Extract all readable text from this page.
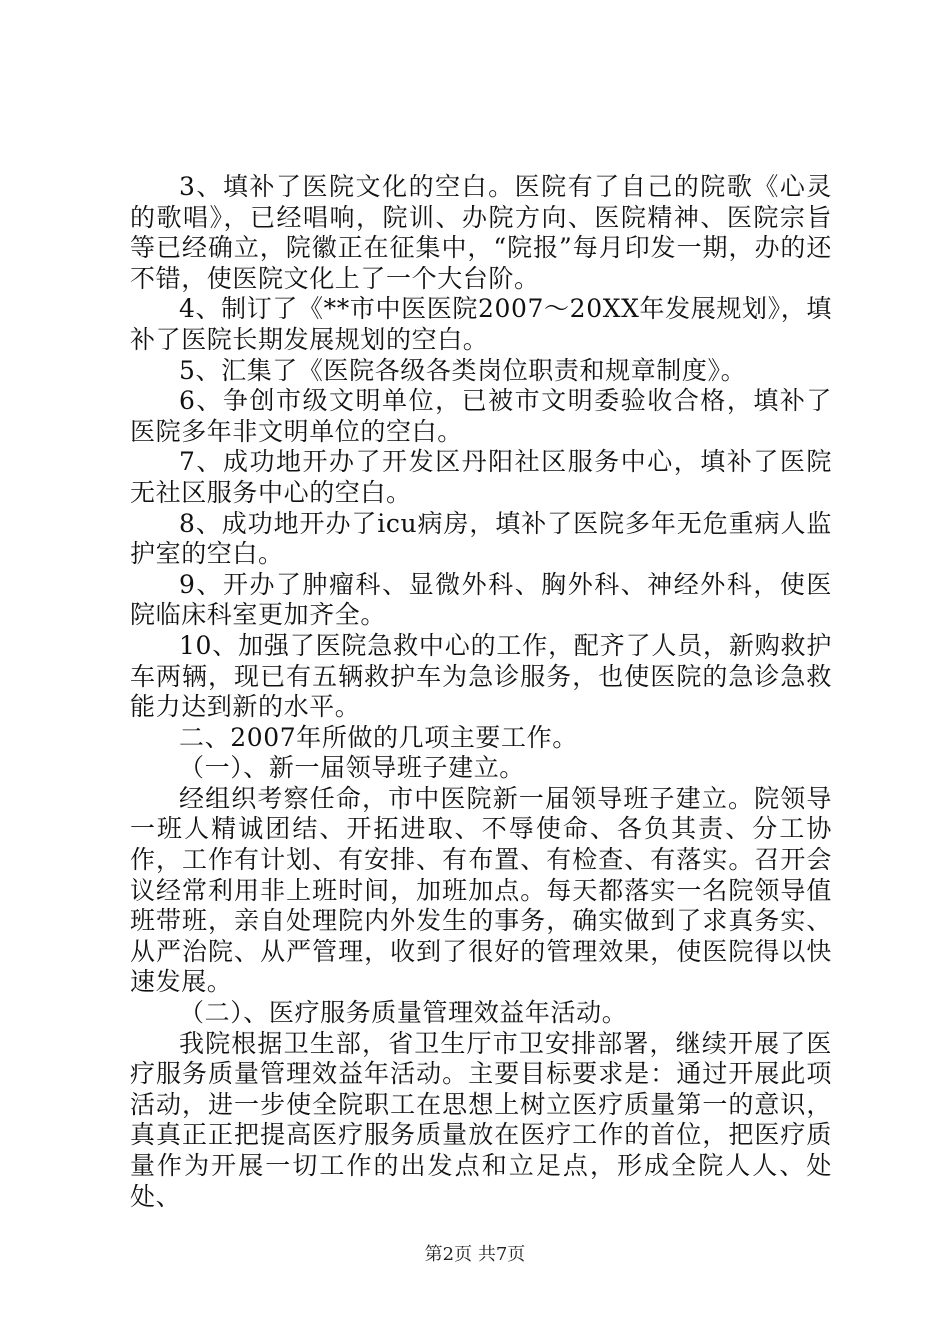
3、填补了医院文化的空白。医院有了自己的院歌《心灵的歌唱》，已经唱响，院训、办院方向、医院精神、医院宗旨等已经确立，院徽正在征集中，“院报”每月印发一期，办的还不错，使医院文化上了一个大台阶。

4、制订了《**市中医医院2007～20XX年发展规划》，填补了医院长期发展规划的空白。

5、汇集了《医院各级各类岗位职责和规章制度》。

6、争创市级文明单位，已被市文明委验收合格，填补了医院多年非文明单位的空白。

7、成功地开办了开发区丹阳社区服务中心，填补了医院无社区服务中心的空白。

8、成功地开办了icu病房，填补了医院多年无危重病人监护室的空白。

9、开办了肿瘤科、显微外科、胸外科、神经外科，使医院临床科室更加齐全。

10、加强了医院急救中心的工作，配齐了人员，新购救护车两辆，现已有五辆救护车为急诊服务，也使医院的急诊急救能力达到新的水平。

二、2007年所做的几项主要工作。

（一）、新一届领导班子建立。

经组织考察任命，市中医院新一届领导班子建立。院领导一班人精诚团结、开拓进取、不辱使命、各负其责、分工协作，工作有计划、有安排、有布置、有检查、有落实。召开会议经常利用非上班时间，加班加点。每天都落实一名院领导值班带班，亲自处理院内外发生的事务，确实做到了求真务实、从严治院、从严管理，收到了很好的管理效果，使医院得以快速发展。

（二）、医疗服务质量管理效益年活动。

我院根据卫生部，省卫生厅市卫安排部署，继续开展了医疗服务质量管理效益年活动。主要目标要求是：通过开展此项活动，进一步使全院职工在思想上树立医疗质量第一的意识，真真正正把提高医疗服务质量放在医疗工作的首位，把医疗质量作为开展一切工作的出发点和立足点，形成全院人人、处处、

第2页 共7页
